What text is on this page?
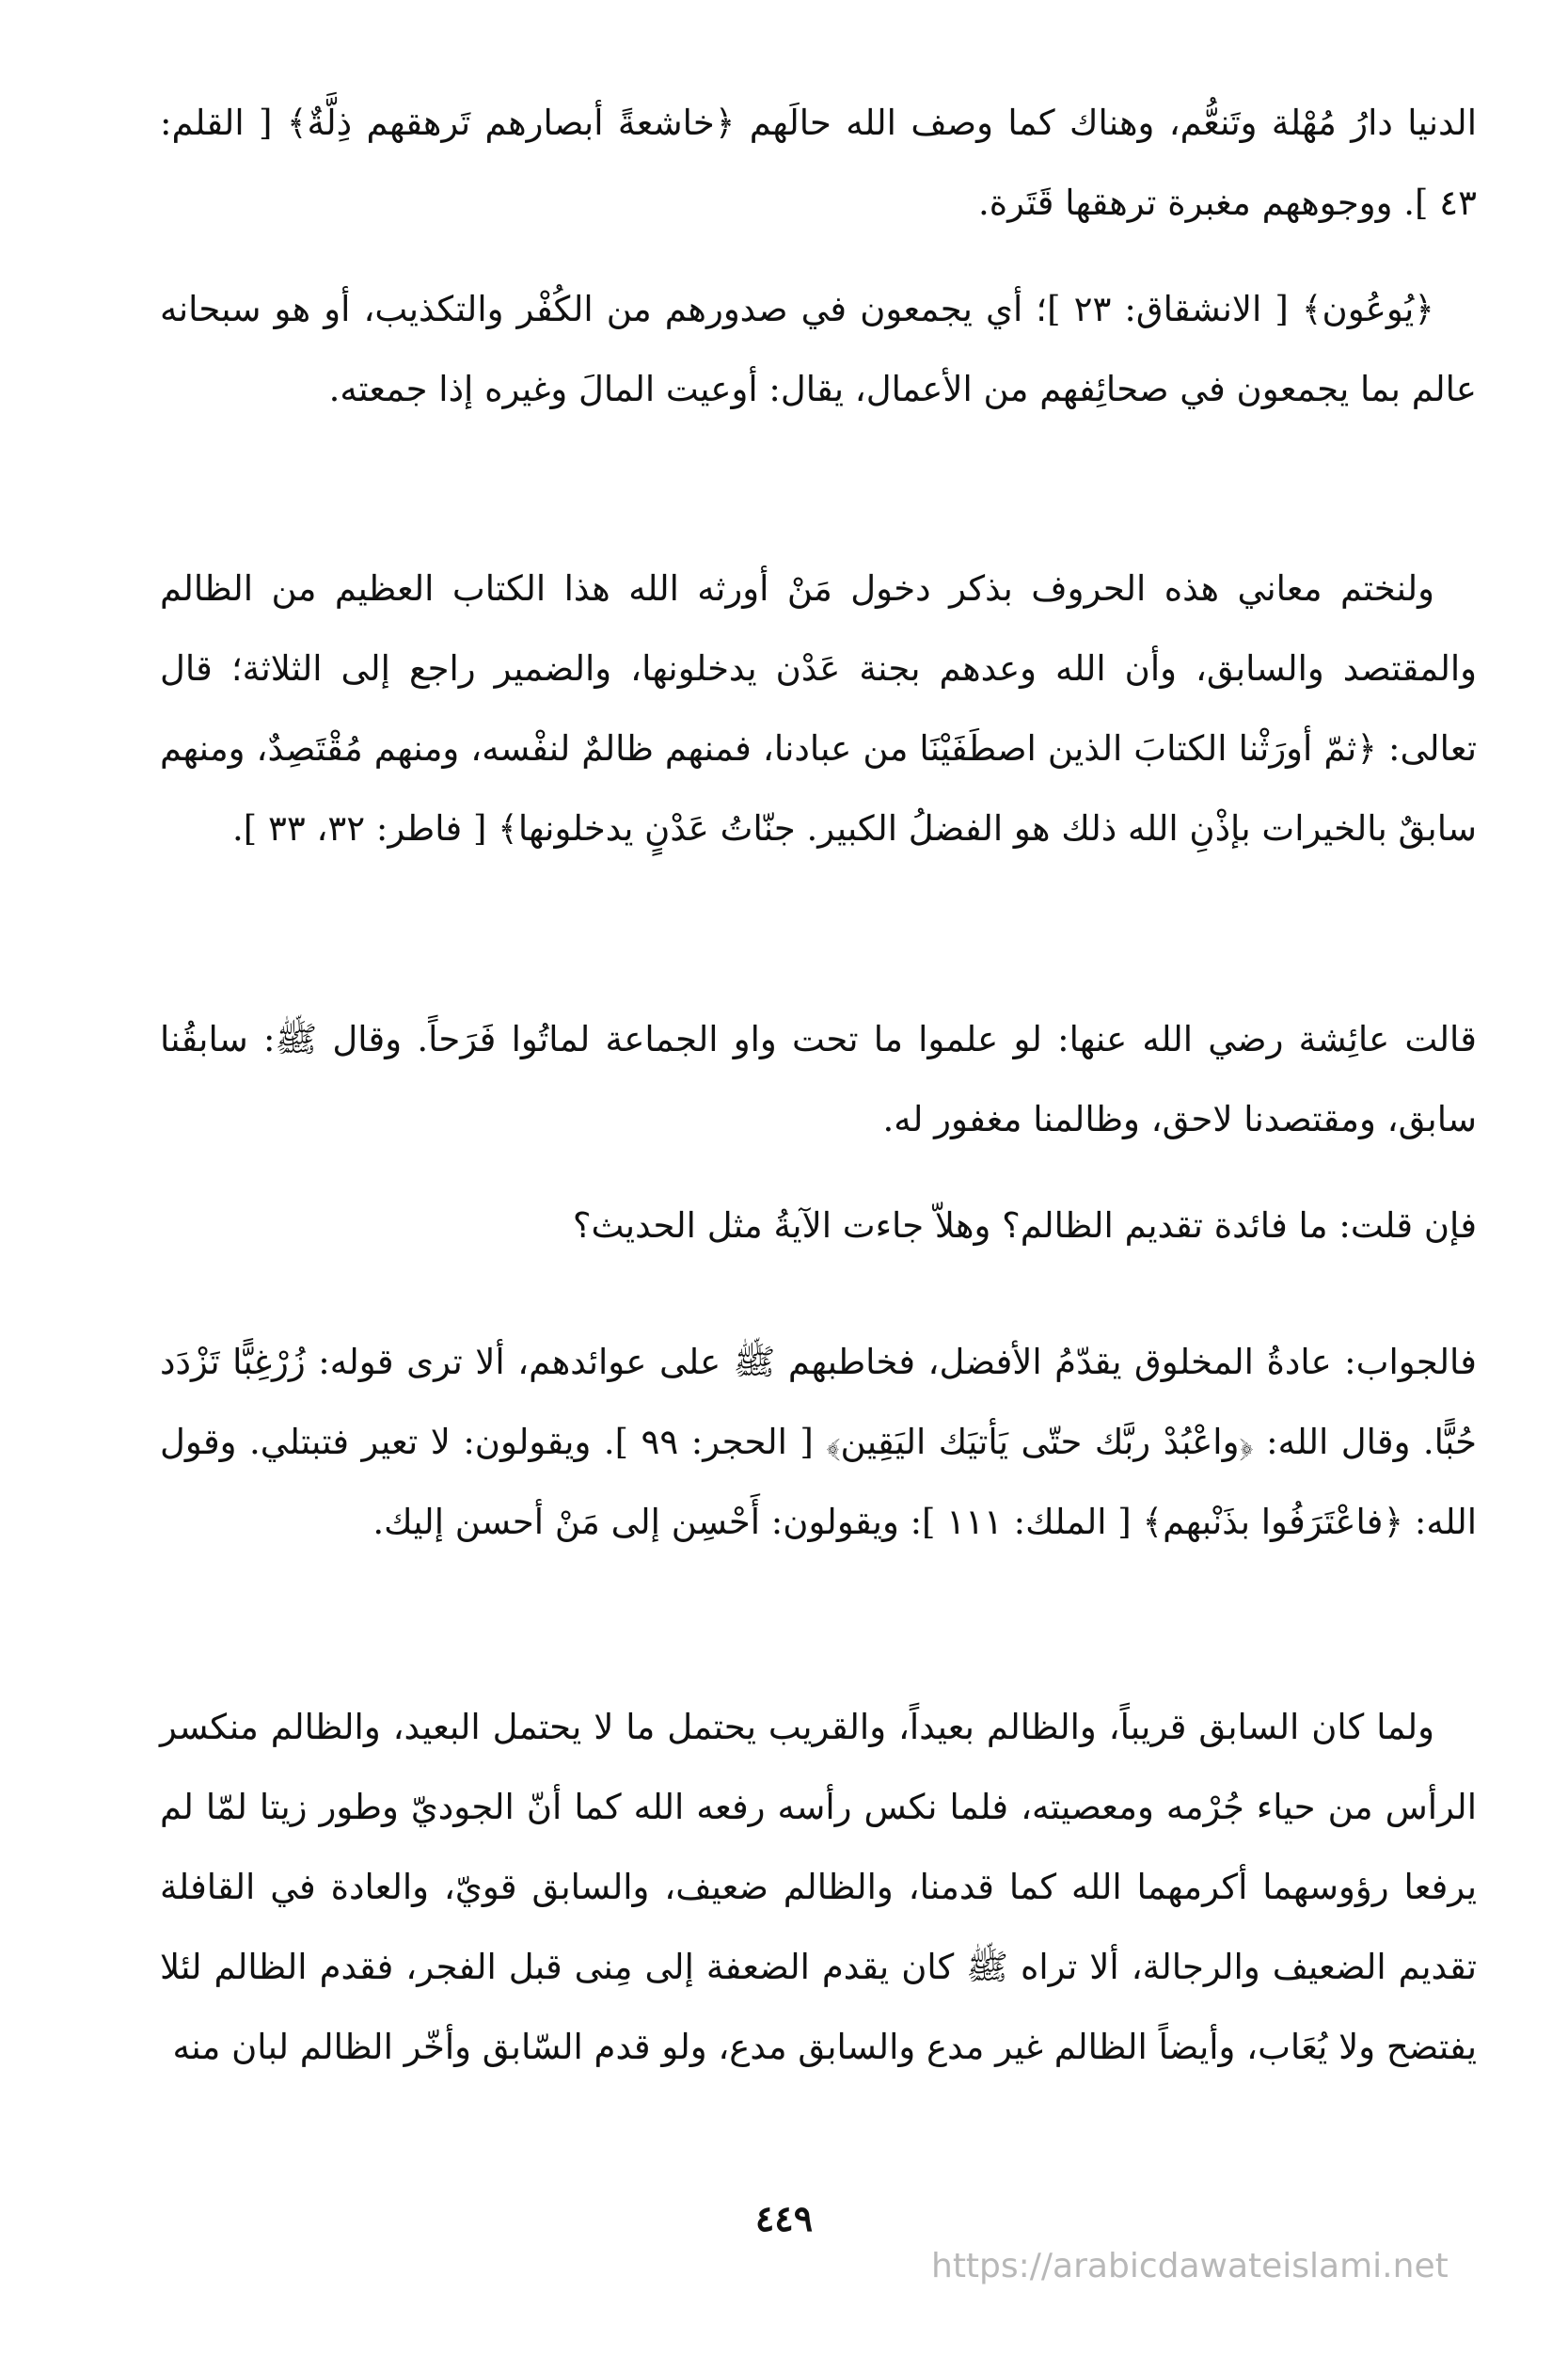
الدنيا دارُ مُهْلة وتَنعُّم، وهناك كما وصف الله حالَهم ﴿خاشعةً أبصارهم تَرهقهم ذِلَّةٌ﴾ [ القلم: ٤٣ ]. ووجوههم مغبرة ترهقها قَتَرة.

﴿يُوعُون﴾ [ الانشقاق: ٢٣ ]؛ أي يجمعون في صدورهم من الكُفْر والتكذيب، أو هو سبحانه عالم بما يجمعون في صحائِفهم من الأعمال، يقال: أوعيت المالَ وغيره إذا جمعته.

ولنختم معاني هذه الحروف بذكر دخول مَنْ أورثه الله هذا الكتاب العظيم من الظالم والمقتصد والسابق، وأن الله وعدهم بجنة عَدْن يدخلونها، والضمير راجع إلى الثلاثة؛ قال تعالى: ﴿ثمّ أورَثْنا الكتابَ الذين اصطَفَيْنَا من عبادنا، فمنهم ظالمٌ لنفْسه، ومنهم مُقْتَصِدٌ، ومنهم سابقٌ بالخيرات بإذْنِ الله ذلك هو الفضلُ الكبير. جنّاتُ عَدْنٍ يدخلونها﴾ [ فاطر: ٣٢، ٣٣ ].

قالت عائِشة رضي الله عنها: لو علموا ما تحت واو الجماعة لماتُوا فَرَحاً. وقال ﷺ: سابقُنا سابق، ومقتصدنا لاحق، وظالمنا مغفور له.

فإن قلت: ما فائدة تقديم الظالم؟ وهلاّ جاءت الآيةُ مثل الحديث؟

فالجواب: عادةُ المخلوق يقدّمُ الأفضل، فخاطبهم ﷺ على عوائدهم، ألا ترى قوله: زُرْغِبًّا تَزْدَد حُبًّا. وقال الله: ﴿واعْبُدْ ربَّك حتّى يَأتيَك اليَقِين﴾ [ الحجر: ٩٩ ]. ويقولون: لا تعير فتبتلي. وقول الله: ﴿فاعْتَرَفُوا بذَنْبهم﴾ [ الملك: ١١١ ]: ويقولون: أَحْسِن إلى مَنْ أحسن إليك.

ولما كان السابق قريباً، والظالم بعيداً، والقريب يحتمل ما لا يحتمل البعيد، والظالم منكسر الرأس من حياء جُرْمه ومعصيته، فلما نكس رأسه رفعه الله كما أنّ الجوديّ وطور زيتا لمّا لم يرفعا رؤوسهما أكرمهما الله كما قدمنا، والظالم ضعيف، والسابق قويّ، والعادة في القافلة تقديم الضعيف والرجالة، ألا تراه ﷺ كان يقدم الضعفة إلى مِنى قبل الفجر، فقدم الظالم لئلا يفتضح ولا يُعَاب، وأيضاً الظالم غير مدع والسابق مدع، ولو قدم السّابق وأخّر الظالم لبان منه

٤٤٩
https://arabicdawateislami.net
